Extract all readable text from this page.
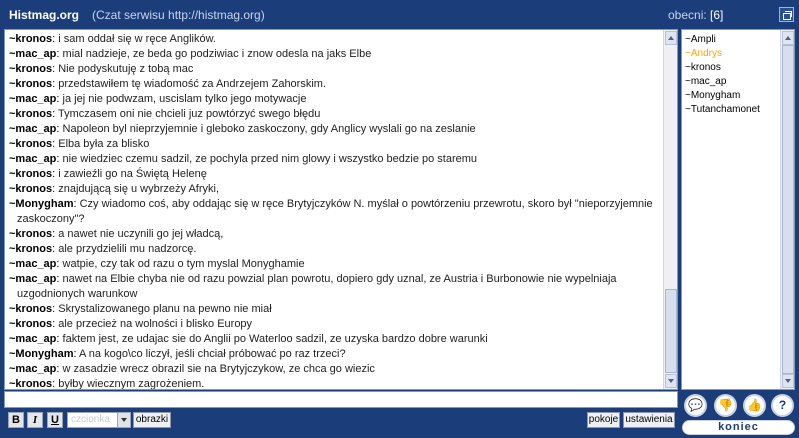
Histmag.org (Czat serwisu http://histmag.org)	obecni: [6]
~kronos: i sam oddał się w ręce Anglików.
~mac_ap: mial nadzieje, ze beda go podziwiac i znow odesla na jaks Elbe
~kronos: Nie podyskutuję z tobą mac
~kronos: przedstawiłem tę wiadomość za Andrzejem Zahorskim.
~mac_ap: ja jej nie podwzam, uscislam tylko jego motywacje
~kronos: Tymczasem oni nie chcieli juz powtórzyć swego błędu
~mac_ap: Napoleon byl nieprzyjemnie i gleboko zaskoczony, gdy Anglicy wyslali go na zeslanie
~kronos: Elba była za blisko
~mac_ap: nie wiedziec czemu sadzil, ze pochyla przed nim glowy i wszystko bedzie po staremu
~kronos: i zawieźli go na Świętą Helenę
~kronos: znajdującą się u wybrzeży Afryki,
~Monygham: Czy wiadomo coś, aby oddając się w ręce Brytyjczyków N. myślał o powtórzeniu przewrotu, skoro był "nieporzyjemnie
zaskoczony"?
~kronos: a nawet nie uczynili go jej władcą,
~kronos: ale przydzielili mu nadzorcę.
~mac_ap: watpie, czy tak od razu o tym myslal Monyghamie
~mac_ap: nawet na Elbie chyba nie od razu powzial plan powrotu, dopiero gdy uznal, ze Austria i Burbonowie nie wypelniaja
uzgodnionych warunkow
~kronos: Skrystalizowanego planu na pewno nie miał
~kronos: ale przecież na wolności i blisko Europy
~mac_ap: faktem jest, ze udajac sie do Anglii po Waterloo sadzil, ze uzyska bardzo dobre warunki
~Monygham: A na kogo\co liczył, jeśli chciał próbować po raz trzeci?
~mac_ap: w zasadzie wrecz obrazil sie na Brytyjczykow, ze chca go wiezic
~kronos: byłby wiecznym zagrożeniem.
~Ampli
~Andrys
~kronos
~mac_ap
~Monygham
~Tutanchamonet
B	I	U	czcionka	obrazki	pokoje ustawienia
💬 👎 👍	?
koniec
